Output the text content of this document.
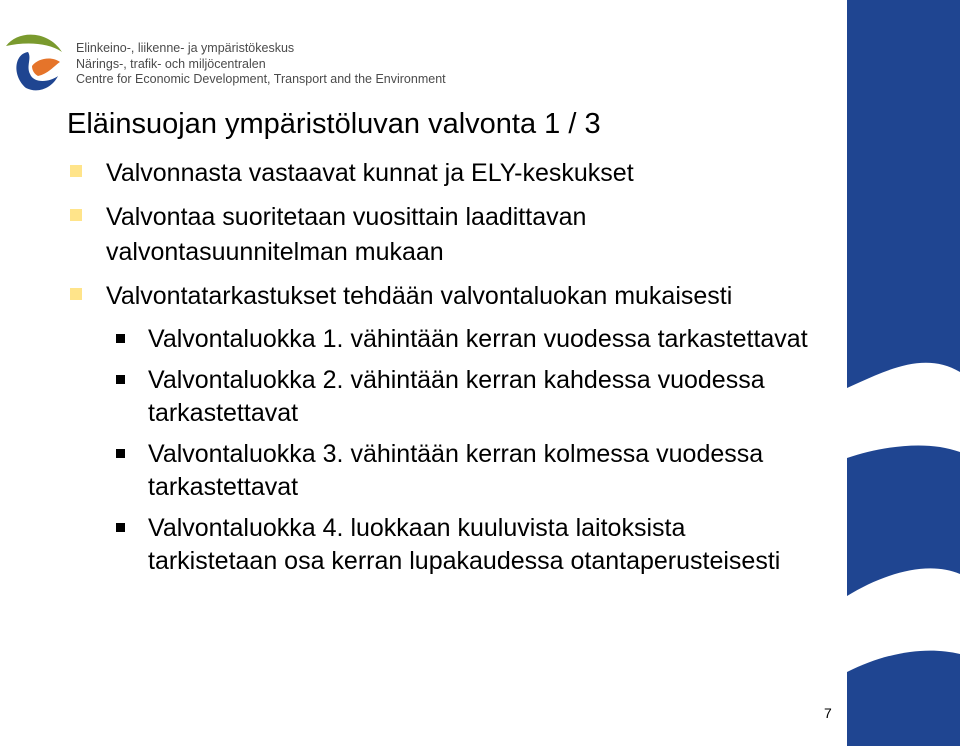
Elinkeino-, liikenne- ja ympäristökeskus
Närings-, trafik- och miljöcentralen
Centre for Economic Development, Transport and the Environment
Eläinsuojan ympäristöluvan valvonta 1 / 3
Valvonnasta vastaavat kunnat ja ELY-keskukset
Valvontaa suoritetaan vuosittain laadittavan valvontasuunnitelman mukaan
Valvontatarkastukset tehdään valvontaluokan mukaisesti
Valvontaluokka 1. vähintään kerran vuodessa tarkastettavat
Valvontaluokka 2. vähintään kerran kahdessa vuodessa tarkastettavat
Valvontaluokka 3. vähintään kerran kolmessa vuodessa tarkastettavat
Valvontaluokka 4. luokkaan kuuluvista laitoksista tarkistetaan osa kerran lupakaudessa otantaperusteisesti
7
